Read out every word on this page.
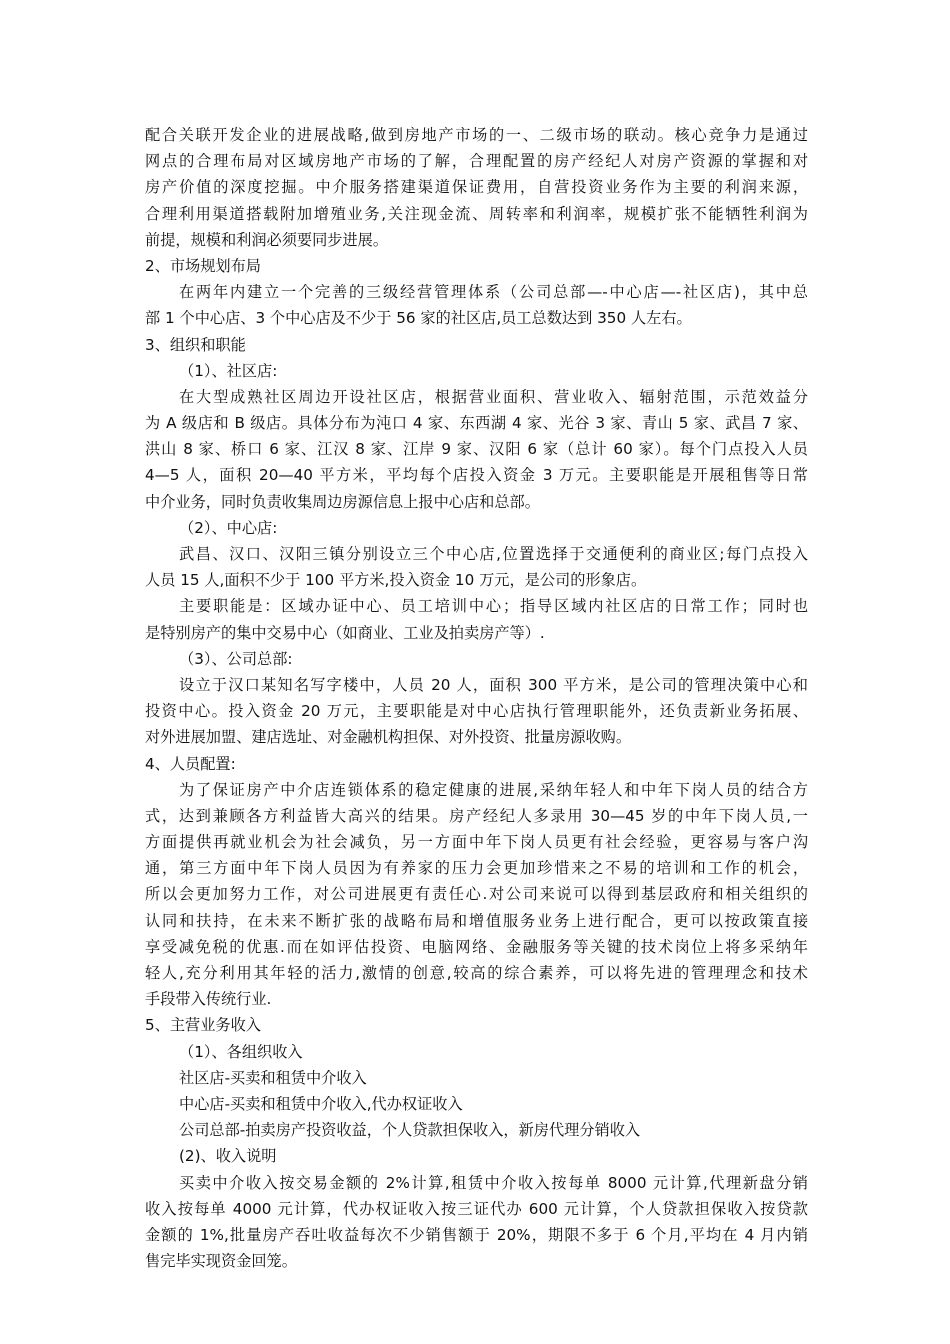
配合关联开发企业的进展战略,做到房地产市场的一、二级市场的联动。核心竞争力是通过
网点的合理布局对区域房地产市场的了解，合理配置的房产经纪人对房产资源的掌握和对
房产价值的深度挖掘。中介服务搭建渠道保证费用，自营投资业务作为主要的利润来源，
合理利用渠道搭载附加增殖业务,关注现金流、周转率和利润率，规模扩张不能牺牲利润为
前提，规模和利润必须要同步进展。
2、市场规划布局
在两年内建立一个完善的三级经营管理体系（公司总部—-中心店—-社区店)，其中总
部 1 个中心店、3 个中心店及不少于 56 家的社区店,员工总数达到 350 人左右。
3、组织和职能
（1）、社区店:
在大型成熟社区周边开设社区店，根据营业面积、营业收入、辐射范围，示范效益分
为 A 级店和 B 级店。具体分布为沌口 4 家、东西湖 4 家、光谷 3 家、青山 5 家、武昌 7 家、
洪山 8 家、桥口 6 家、江汉 8 家、江岸 9 家、汉阳 6 家（总计 60 家）。每个门点投入人员
4—5 人，面积 20—40 平方米，平均每个店投入资金 3 万元。主要职能是开展租售等日常
中介业务，同时负责收集周边房源信息上报中心店和总部。
（2）、中心店:
武昌、汉口、汉阳三镇分别设立三个中心店,位置选择于交通便利的商业区;每门点投入
人员 15 人,面积不少于 100 平方米,投入资金 10 万元，是公司的形象店。
主要职能是：区域办证中心、员工培训中心；指导区域内社区店的日常工作；同时也
是特别房产的集中交易中心（如商业、工业及拍卖房产等）.
（3）、公司总部:
设立于汉口某知名写字楼中，人员 20 人，面积 300 平方米，是公司的管理决策中心和
投资中心。投入资金 20 万元，主要职能是对中心店执行管理职能外，还负责新业务拓展、
对外进展加盟、建店选址、对金融机构担保、对外投资、批量房源收购。
4、人员配置:
为了保证房产中介店连锁体系的稳定健康的进展,采纳年轻人和中年下岗人员的结合方
式，达到兼顾各方利益皆大高兴的结果。房产经纪人多录用 30—45 岁的中年下岗人员,一
方面提供再就业机会为社会减负，另一方面中年下岗人员更有社会经验，更容易与客户沟
通，第三方面中年下岗人员因为有养家的压力会更加珍惜来之不易的培训和工作的机会，
所以会更加努力工作，对公司进展更有责任心.对公司来说可以得到基层政府和相关组织的
认同和扶持，在未来不断扩张的战略布局和增值服务业务上进行配合，更可以按政策直接
享受减免税的优惠.而在如评估投资、电脑网络、金融服务等关键的技术岗位上将多采纳年
轻人,充分利用其年轻的活力,激情的创意,较高的综合素养，可以将先进的管理理念和技术
手段带入传统行业.
5、主营业务收入
（1）、各组织收入
社区店-买卖和租赁中介收入
中心店-买卖和租赁中介收入,代办权证收入
公司总部-拍卖房产投资收益，个人贷款担保收入，新房代理分销收入
(2)、收入说明
买卖中介收入按交易金额的 2%计算,租赁中介收入按每单 8000 元计算,代理新盘分销
收入按每单 4000 元计算，代办权证收入按三证代办 600 元计算，个人贷款担保收入按贷款
金额的 1%,批量房产吞吐收益每次不少销售额于 20%，期限不多于 6 个月,平均在 4 月内销
售完毕实现资金回笼。
